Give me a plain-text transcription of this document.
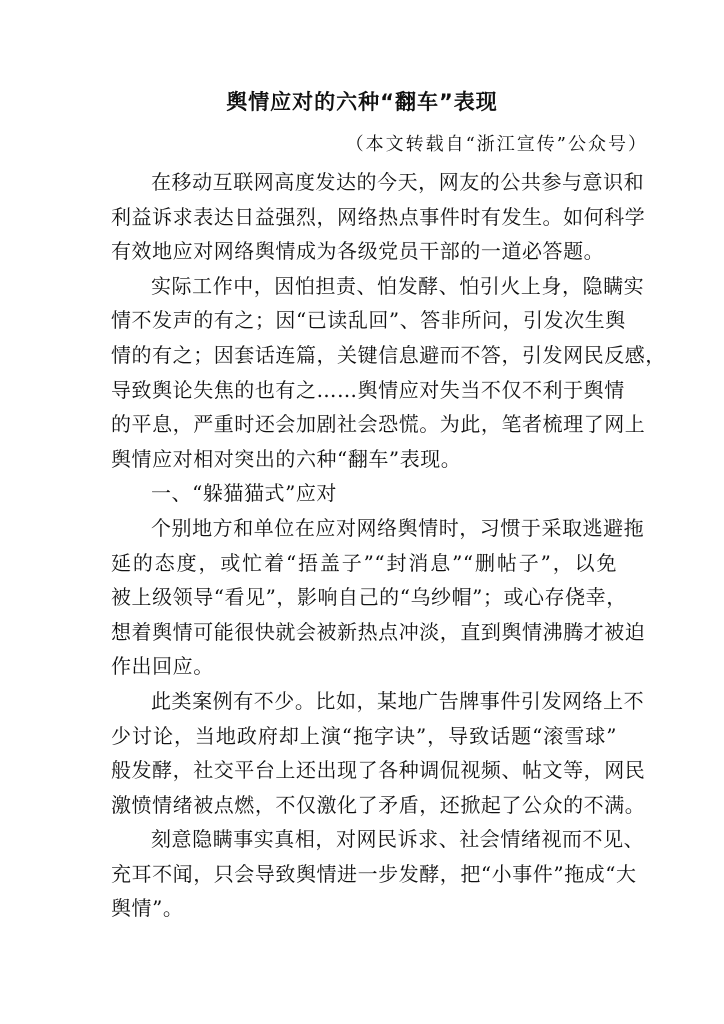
舆情应对的六种“翻车”表现
（本文转载自“浙江宣传”公众号）
在移动互联网高度发达的今天，网友的公共参与意识和
利益诉求表达日益强烈，网络热点事件时有发生。如何科学
有效地应对网络舆情成为各级党员干部的一道必答题。
实际工作中，因怕担责、怕发酵、怕引火上身，隐瞒实
情不发声的有之；因“已读乱回”、答非所问，引发次生舆
情的有之；因套话连篇，关键信息避而不答，引发网民反感，
导致舆论失焦的也有之……舆情应对失当不仅不利于舆情
的平息，严重时还会加剧社会恐慌。为此，笔者梳理了网上
舆情应对相对突出的六种“翻车”表现。
一、“躲猫猫式”应对
个别地方和单位在应对网络舆情时，习惯于采取逃避拖
延的态度，或忙着“捂盖子”“封消息”“删帖子”，以免
被上级领导“看见”，影响自己的“乌纱帽”；或心存侥幸，
想着舆情可能很快就会被新热点冲淡，直到舆情沸腾才被迫
作出回应。
此类案例有不少。比如，某地广告牌事件引发网络上不
少讨论，当地政府却上演“拖字诀”，导致话题“滚雪球”
般发酵，社交平台上还出现了各种调侃视频、帖文等，网民
激愤情绪被点燃，不仅激化了矛盾，还掀起了公众的不满。
刻意隐瞒事实真相，对网民诉求、社会情绪视而不见、
充耳不闻，只会导致舆情进一步发酵，把“小事件”拖成“大
舆情”。
